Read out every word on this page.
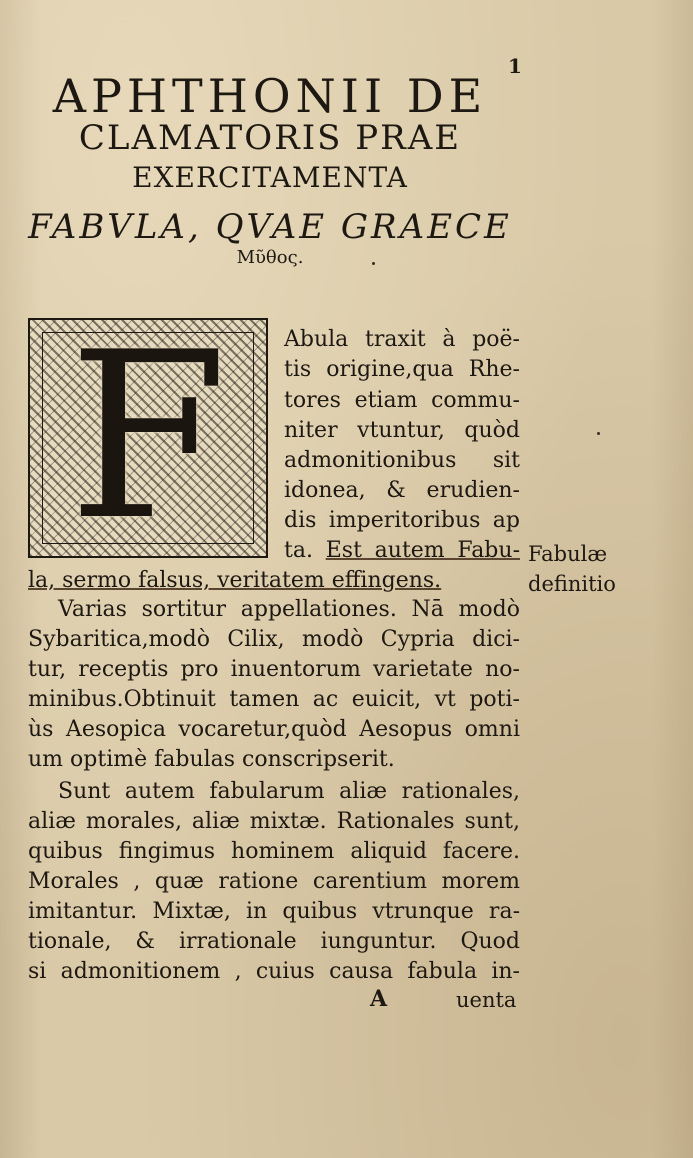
1
APHTHONII DE
CLAMATORIS PRAE
EXERCITAMENTA
FABVLA, QVAE GRAECE
Μῦθος.
F	Abula traxit à poë-
tis origine,qua Rhe-
tores etiam commu-
niter vtuntur, quòd
admonitionibus sit
idonea, & erudien-
dis imperitoribus ap
ta. Est autem Fabu-
la, sermo falsus, veritatem effingens.
Fabulæ
definitio
Varias sortitur appellationes. Nā modò
Sybaritica,modò Cilix, modò Cypria dici-
tur, receptis pro inuentorum varietate no-
minibus.Obtinuit tamen ac euicit, vt poti-
ùs Aesopica vocaretur,quòd Aesopus omni
um optimè fabulas conscripserit.
Sunt autem fabularum aliæ rationales,
aliæ morales, aliæ mixtæ. Rationales sunt,
quibus fingimus hominem aliquid facere.
Morales , quæ ratione carentium morem
imitantur. Mixtæ, in quibus vtrunque ra-
tionale, & irrationale iunguntur. Quod
si admonitionem , cuius causa fabula in-
A	uenta
